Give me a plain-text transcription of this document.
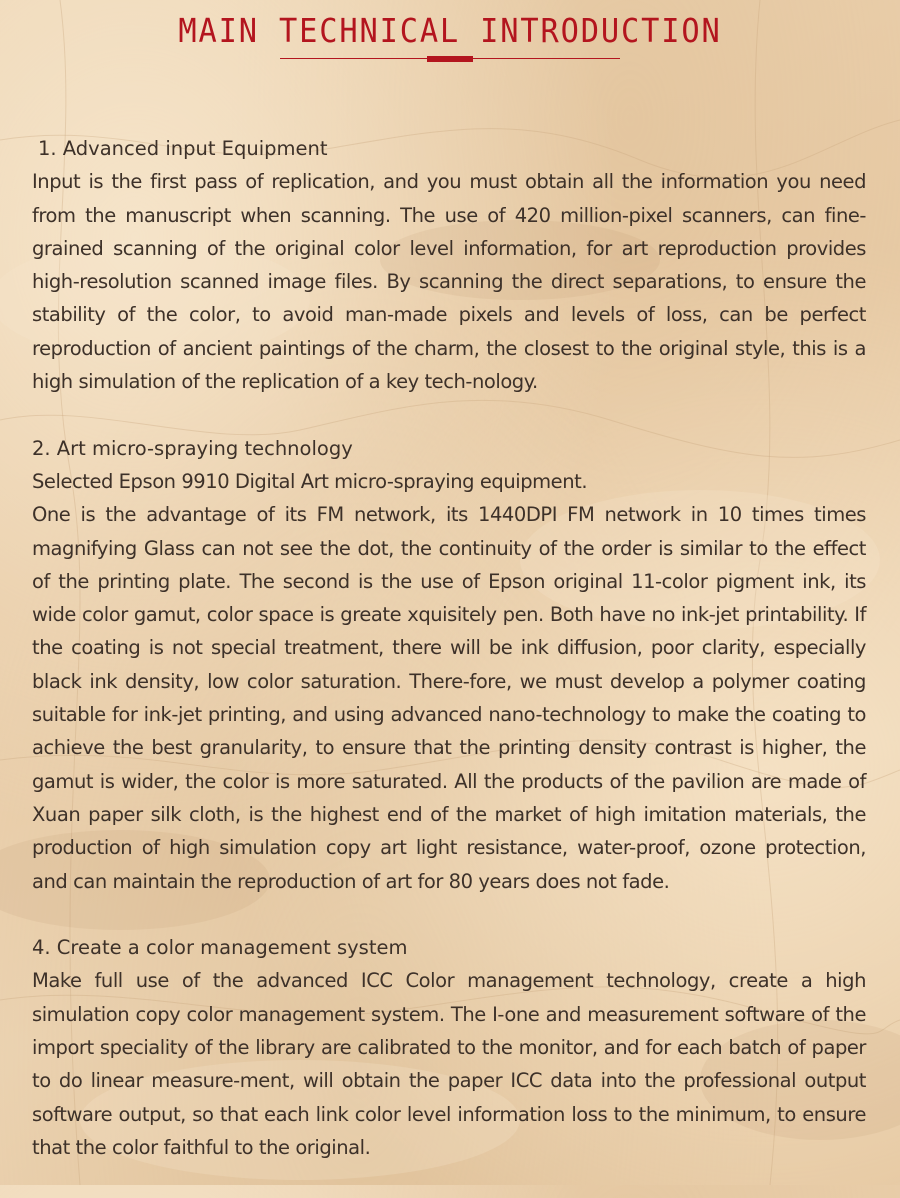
MAIN TECHNICAL INTRODUCTION
1. Advanced input Equipment

Input is the first pass of replication, and you must obtain all the information you need from the manuscript when scanning. The use of 420 million-pixel scanners, can fine-grained scanning of the original color level information, for art reproduction provides high-resolution scanned image files. By scanning the direct separations, to ensure the stability of the color, to avoid man-made pixels and levels of loss, can be perfect reproduction of ancient paintings of the charm, the closest to the original style, this is a high simulation of the replication of a key tech-nology.

2. Art micro-spraying technology

Selected Epson 9910 Digital Art micro-spraying equipment.

One is the advantage of its FM network, its 1440DPI FM network in 10 times times magnifying Glass can not see the dot, the continuity of the order is similar to the effect of the printing plate. The second is the use of Epson original 11-color pigment ink, its wide color gamut, color space is greate xquisitely pen. Both have no ink-jet printability. If the coating is not special treatment, there will be ink diffusion, poor clarity, especially black ink density, low color saturation. There-fore, we must develop a polymer coating suitable for ink-jet printing, and using advanced nano-technology to make the coating to achieve the best granularity, to ensure that the printing density contrast is higher, the gamut is wider, the color is more saturated. All the products of the pavilion are made of Xuan paper silk cloth, is the highest end of the market of high imitation materials, the production of high simulation copy art light resistance, water-proof, ozone protection, and can maintain the reproduction of art for 80 years does not fade.

4. Create a color management system

Make full use of the advanced ICC Color management technology, create a high simulation copy color management system. The I-one and measurement software of the import speciality of the library are calibrated to the monitor, and for each batch of paper to do linear measure-ment, will obtain the paper ICC data into the professional output software output, so that each link color level information loss to the minimum, to ensure that the color faithful to the original.
